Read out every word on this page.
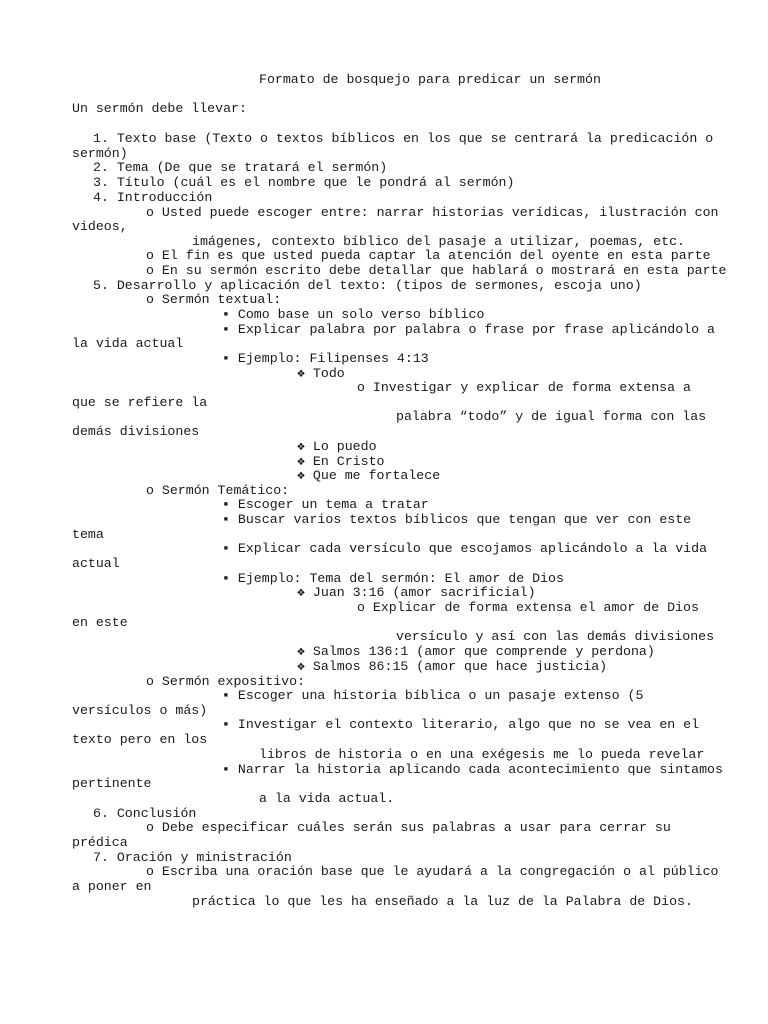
Formato de bosquejo para predicar un sermón
Un sermón debe llevar:
1. Texto base (Texto o textos bíblicos en los que se centrará la predicación o
sermón)
2. Tema (De que se tratará el sermón)
3. Título (cuál es el nombre que le pondrá al sermón)
4. Introducción
o Usted puede escoger entre: narrar historias verídicas, ilustración con
videos,
imágenes, contexto bíblico del pasaje a utilizar, poemas, etc.
o El fin es que usted pueda captar la atención del oyente en esta parte
o En su sermón escrito debe detallar que hablará o mostrará en esta parte
5. Desarrollo y aplicación del texto: (tipos de sermones, escoja uno)
o Sermón textual:
▪ Como base un solo verso bíblico
▪ Explicar palabra por palabra o frase por frase aplicándolo a
la vida actual
▪ Ejemplo: Filipenses 4:13
❖ Todo
o Investigar y explicar de forma extensa a
que se refiere la
palabra “todo” y de igual forma con las
demás divisiones
❖ Lo puedo
❖ En Cristo
❖ Que me fortalece
o Sermón Temático:
▪ Escoger un tema a tratar
▪ Buscar varios textos bíblicos que tengan que ver con este
tema
▪ Explicar cada versículo que escojamos aplicándolo a la vida
actual
▪ Ejemplo: Tema del sermón: El amor de Dios
❖ Juan 3:16 (amor sacrificial)
o Explicar de forma extensa el amor de Dios
en este
versículo y así con las demás divisiones
❖ Salmos 136:1 (amor que comprende y perdona)
❖ Salmos 86:15 (amor que hace justicia)
o Sermón expositivo:
▪ Escoger una historia bíblica o un pasaje extenso (5
versículos o más)
▪ Investigar el contexto literario, algo que no se vea en el
texto pero en los
libros de historia o en una exégesis me lo pueda revelar
▪ Narrar la historia aplicando cada acontecimiento que sintamos
pertinente
a la vida actual.
6. Conclusión
o Debe especificar cuáles serán sus palabras a usar para cerrar su
prédica
7. Oración y ministración
o Escriba una oración base que le ayudará a la congregación o al público
a poner en
práctica lo que les ha enseñado a la luz de la Palabra de Dios.
